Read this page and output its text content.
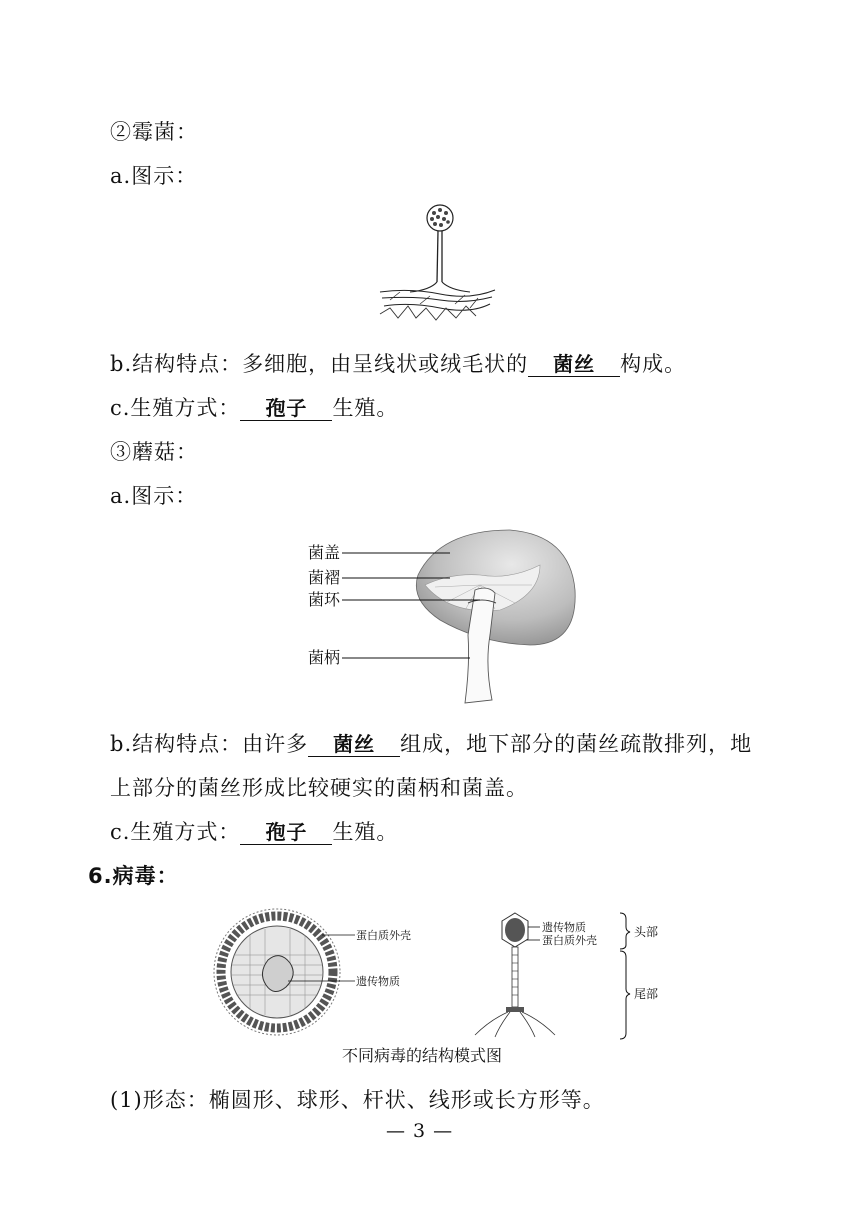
②霉菌：
a.图示：
b.结构特点：多细胞，由呈线状或绒毛状的 菌丝 构成。
c.生殖方式： 孢子 生殖。
③蘑菇：
a.图示：
菌盖
菌褶
菌环
菌柄
b.结构特点：由许多 菌丝 组成，地下部分的菌丝疏散排列，地
上部分的菌丝形成比较硬实的菌柄和菌盖。
c.生殖方式： 孢子 生殖。
6.病毒：
蛋白质外壳
遗传物质
遗传物质
蛋白质外壳
头部
尾部
不同病毒的结构模式图
(1)形态：椭圆形、球形、杆状、线形或长方形等。
— 3 —
